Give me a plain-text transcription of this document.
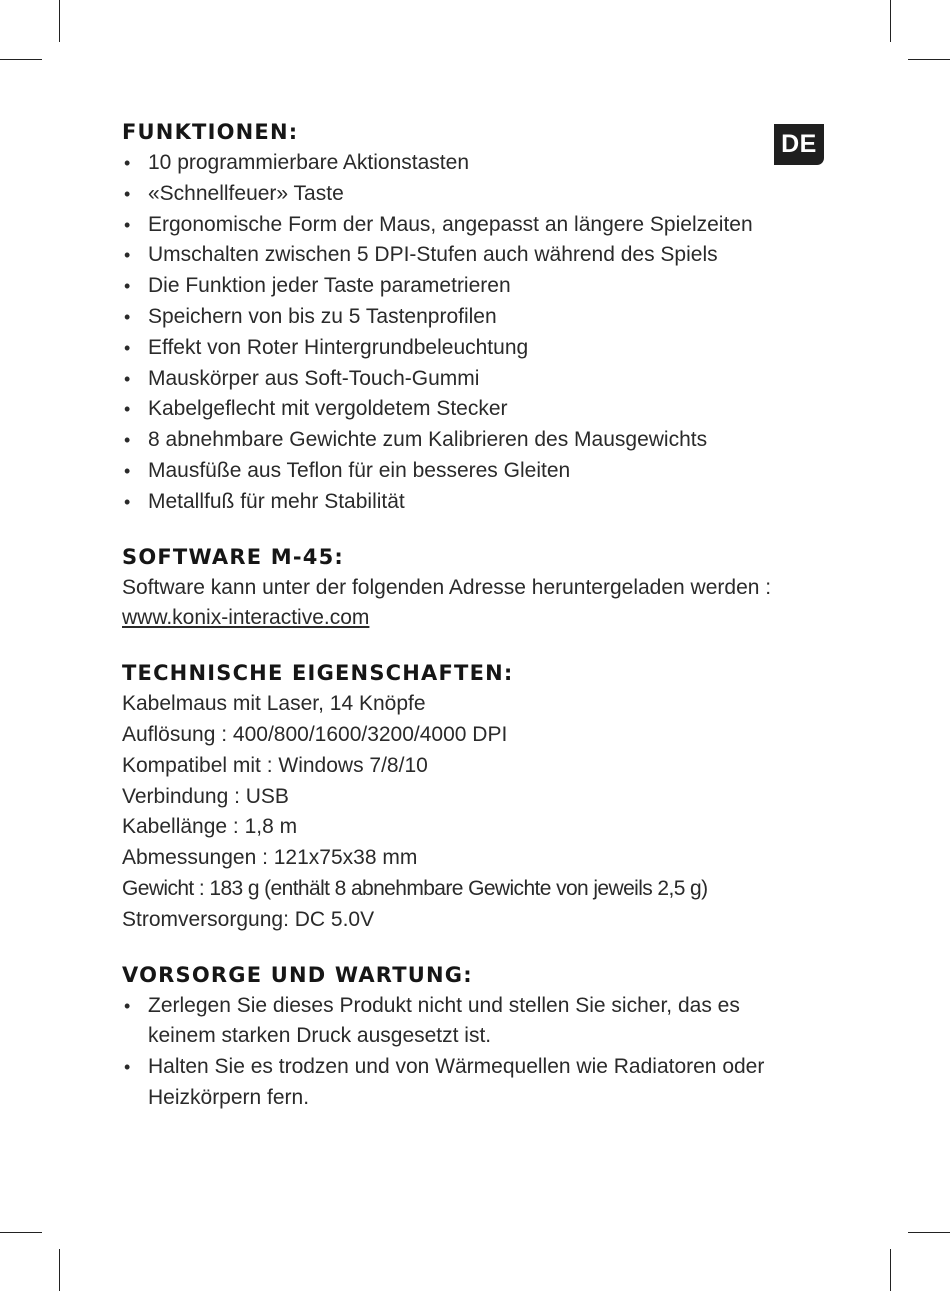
DE
FUNKTIONEN:
• 10 programmierbare Aktionstasten
• «Schnellfeuer» Taste
• Ergonomische Form der Maus, angepasst an längere Spielzeiten
• Umschalten zwischen 5 DPI-Stufen auch während des Spiels
• Die Funktion jeder Taste parametrieren
• Speichern von bis zu 5 Tastenprofilen
• Effekt von Roter Hintergrundbeleuchtung
• Mauskörper aus Soft-Touch-Gummi
• Kabelgeflecht mit vergoldetem Stecker
• 8 abnehmbare Gewichte zum Kalibrieren des Mausgewichts
• Mausfüße aus Teflon für ein besseres Gleiten
• Metallfuß für mehr Stabilität
SOFTWARE M-45:
Software kann unter der folgenden Adresse heruntergeladen werden :
www.konix-interactive.com
TECHNISCHE EIGENSCHAFTEN:
Kabelmaus mit Laser, 14 Knöpfe
Auflösung : 400/800/1600/3200/4000 DPI
Kompatibel mit : Windows 7/8/10
Verbindung : USB
Kabellänge : 1,8 m
Abmessungen : 121x75x38 mm
Gewicht : 183 g (enthält 8 abnehmbare Gewichte von jeweils 2,5 g)
Stromversorgung: DC 5.0V
VORSORGE UND WARTUNG:
• Zerlegen Sie dieses Produkt nicht und stellen Sie sicher, das es keinem starken Druck ausgesetzt ist.
• Halten Sie es trodzen und von Wärmequellen wie Radiatoren oder Heizkörpern fern.
